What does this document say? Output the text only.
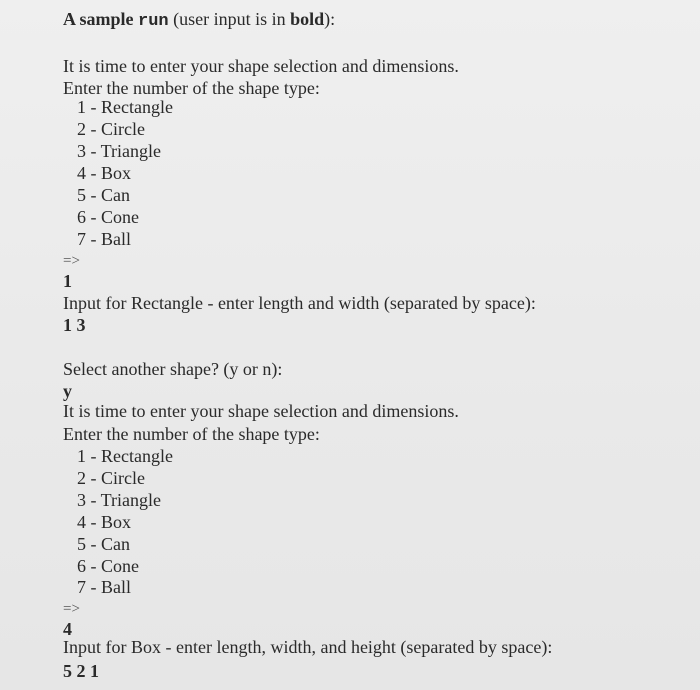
A sample run (user input is in bold):
It is time to enter your shape selection and dimensions.
Enter the number of the shape type:
1 - Rectangle
2 - Circle
3 - Triangle
4 - Box
5 - Can
6 - Cone
7 - Ball
=>
1
Input for Rectangle - enter length and width (separated by space):
1 3
Select another shape? (y or n):
y
It is time to enter your shape selection and dimensions.
Enter the number of the shape type:
1 - Rectangle
2 - Circle
3 - Triangle
4 - Box
5 - Can
6 - Cone
7 - Ball
=>
4
Input for Box - enter length, width, and height (separated by space):
5 2 1
